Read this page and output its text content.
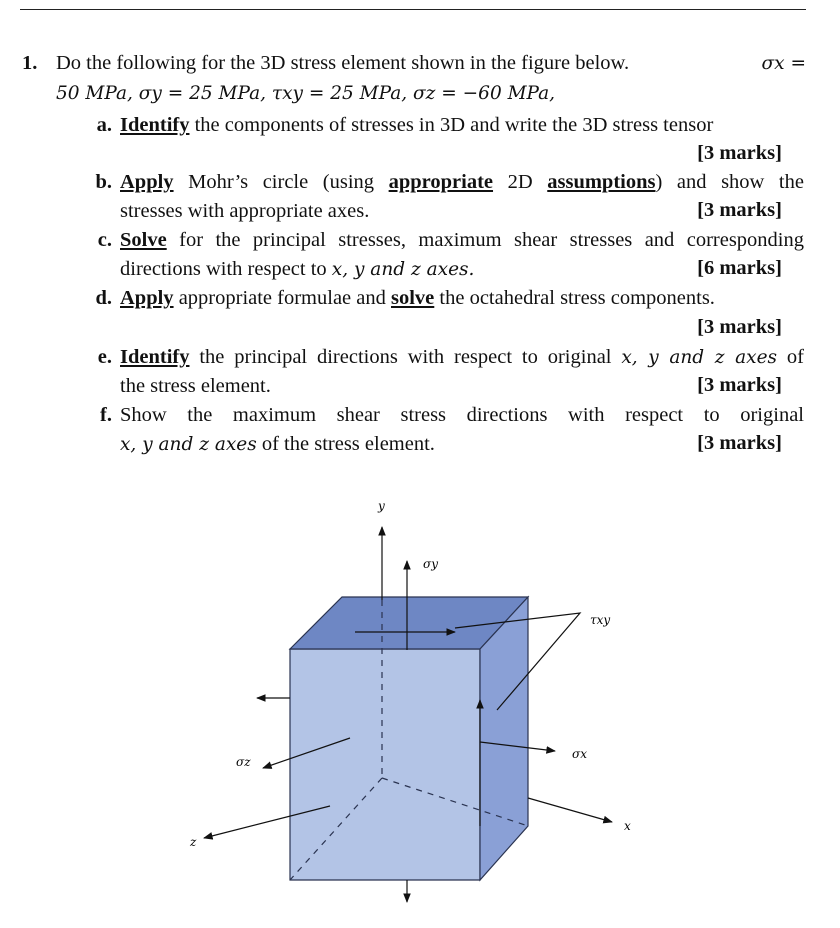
1. Do the following for the 3D stress element shown in the figure below.	σx =
50 MPa, σy = 25 MPa, τxy = 25 MPa, σz = −60 MPa,
a. Identify the components of stresses in 3D and write the 3D stress tensor
[3 marks]
b. Apply Mohr’s circle (using appropriate 2D assumptions) and show the
stresses with appropriate axes.	[3 marks]
c. Solve for the principal stresses, maximum shear stresses and corresponding
directions with respect to x, y and z axes.	[6 marks]
d. Apply appropriate formulae and solve the octahedral stress components.
[3 marks]
e. Identify the principal directions with respect to original x, y and z axes of
the stress element.	[3 marks]
f. Show the maximum shear stress directions with respect to original
x, y and z axes of the stress element.	[3 marks]
y
σy
τxy
σx
x
σz
z
